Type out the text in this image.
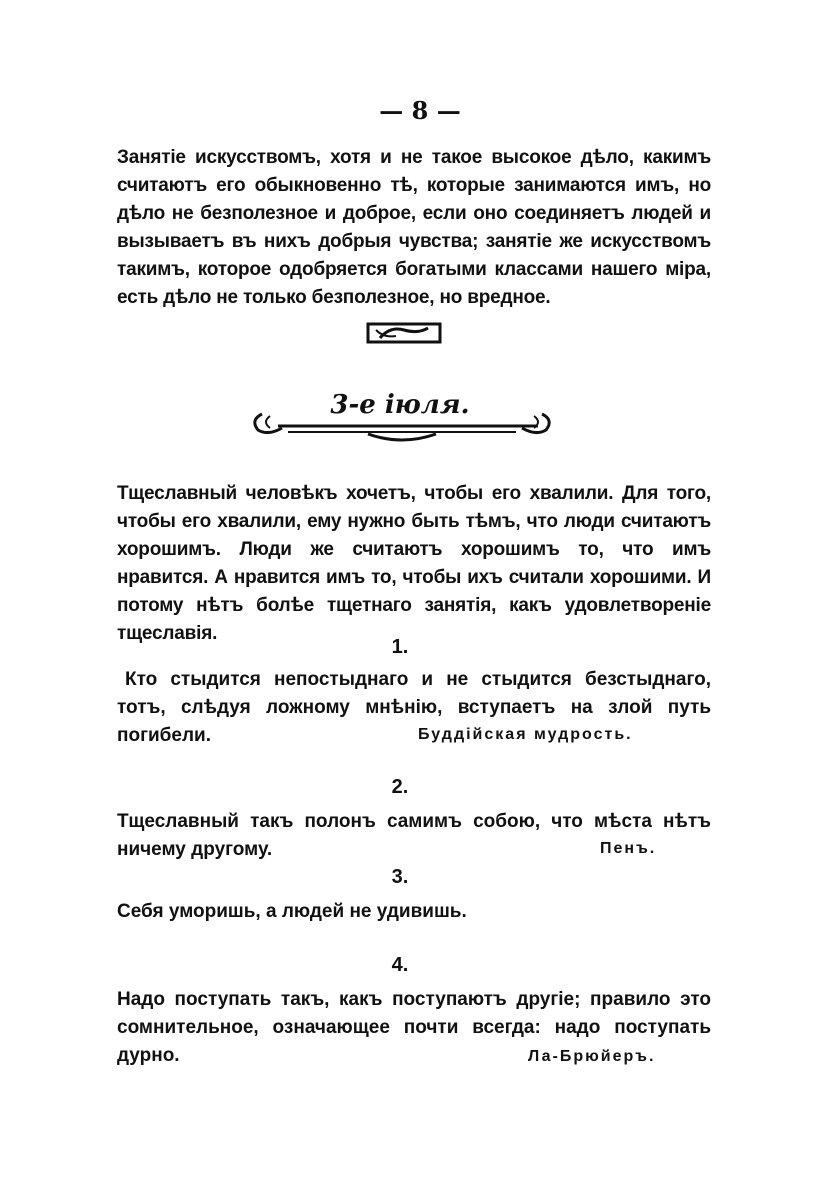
— 8 —
Занятіе искусствомъ, хотя и не такое высокое дѣло, какимъ считаютъ его обыкновенно тѣ, которые занимаются имъ, но дѣло не безполезное и доброе, если оно соединяетъ людей и вызываетъ въ нихъ добрыя чувства; занятіе же искусствомъ такимъ, которое одобряется богатыми классами нашего міра, есть дѣло не только безполезное, но вредное.
3-е іюля.
Тщеславный человѣкъ хочетъ, чтобы его хвалили. Для того, чтобы его хвалили, ему нужно быть тѣмъ, что люди считаютъ хорошимъ. Люди же считаютъ хорошимъ то, что имъ нравится. А нравится имъ то, чтобы ихъ считали хорошими. И потому нѣтъ болѣе тщетнаго занятія, какъ удовлетвореніе тщеславія.
1.
Кто стыдится непостыднаго и не стыдится безстыднаго, тотъ, слѣдуя ложному мнѣнію, вступаетъ на злой путь погибели.	Буддійская мудрость.
2.
Тщеславный такъ полонъ самимъ собою, что мѣста нѣтъ ничему другому.	Пенъ.
3.
Себя уморишь, а людей не удивишь.
4.
Надо поступать такъ, какъ поступаютъ другіе; правило это сомнительное, означающее почти всегда: надо поступать дурно.	Ла-Брюйеръ.
